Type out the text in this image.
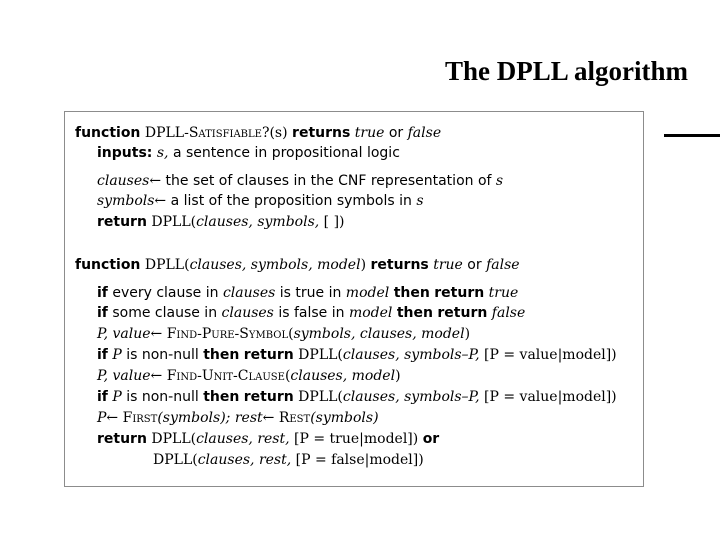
The DPLL algorithm
function DPLL-Satisfiable?(s) returns true or false
inputs: s, a sentence in propositional logic
clauses← the set of clauses in the CNF representation of s
symbols← a list of the proposition symbols in s
return DPLL(clauses, symbols, [ ])
function DPLL(clauses, symbols, model) returns true or false
if every clause in clauses is true in model then return true
if some clause in clauses is false in model then return false
P, value← Find-Pure-Symbol(symbols, clauses, model)
if P is non-null then return DPLL(clauses, symbols–P, [P = value|model])
P, value← Find-Unit-Clause(clauses, model)
if P is non-null then return DPLL(clauses, symbols–P, [P = value|model])
P← First(symbols); rest← Rest(symbols)
return DPLL(clauses, rest, [P = true|model]) or
DPLL(clauses, rest, [P = false|model])
